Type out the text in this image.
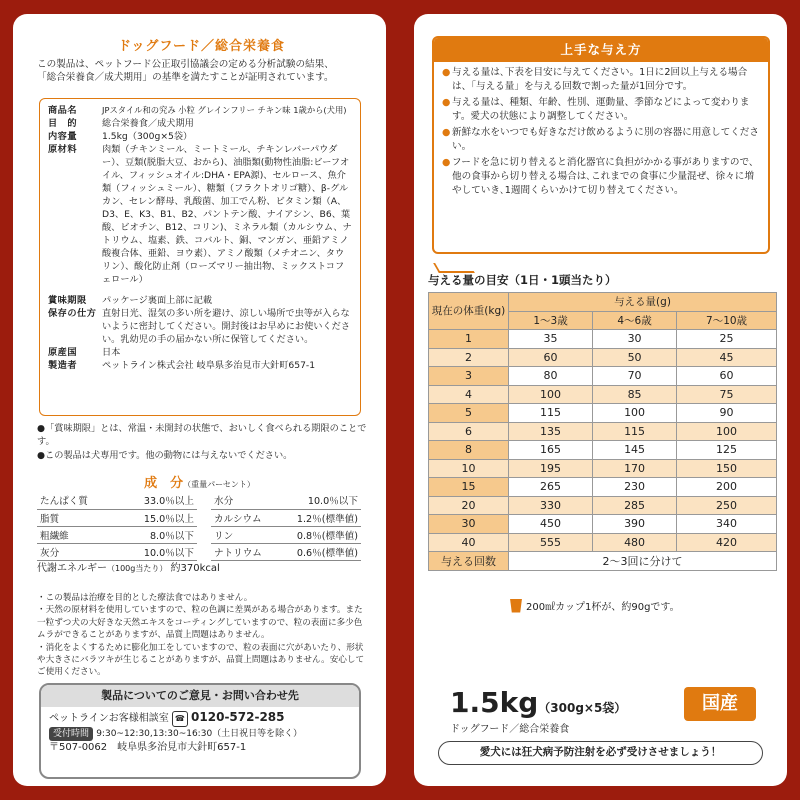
ドッグフード／総合栄養食
この製品は、ペットフード公正取引協議会の定める分析試験の結果、
「総合栄養食／成犬期用」の基準を満たすことが証明されています。
商品名	JPスタイル和の究み 小粒 グレインフリー チキン味 1歳から(犬用)
目　的	総合栄養食／成犬期用
内容量	1.5kg（300g×5袋）
原材料	肉類（チキンミール、ミートミール、チキンレバーパウダー）、豆類(脱脂大豆、おから)、油脂類(動物性油脂:ビーフオイル、フィッシュオイル:DHA・EPA源)、セルロース、魚介類（フィッシュミール）、糖類（フラクトオリゴ糖）、β-グルカン、セレン酵母、乳酸菌、加工でん粉、ビタミン類（A、D3、E、K3、B1、B2、パントテン酸、ナイアシン、B6、葉酸、ビオチン、B12、コリン)、ミネラル類（カルシウム、ナトリウム、塩素、鉄、コバルト、銅、マンガン、亜鉛アミノ酸複合体、亜鉛、ヨウ素）、アミノ酸類（メチオニン、タウリン）、酸化防止剤（ローズマリー抽出物、ミックストコフェロール）
賞味期限	パッケージ裏面上部に記載
保存の仕方 直射日光、湿気の多い所を避け、涼しい場所で虫等が入らないように密封してください。開封後はお早めにお使いください。乳幼児の手の届かない所に保管してください。
原産国	日本
製造者	ペットライン株式会社 岐阜県多治見市大針町657-1
●「賞味期限」とは、常温・未開封の状態で、おいしく食べられる期限のことです。
●この製品は犬専用です。他の動物には与えないでください。
成　分（重量パーセント）
たんぱく質	33.0％以上
脂質	15.0％以上
粗繊維	8.0％以下
灰分	10.0％以下
水分	10.0％以下
カルシウム	1.2％(標準値)
リン	0.8％(標準値)
ナトリウム	0.6％(標準値)
代謝エネルギー（100g当たり） 約370kcal
・この製品は治療を目的とした療法食ではありません。
・天然の原材料を使用していますので、粒の色調に差異がある場合があります。また一粒ずつ犬の大好きな天然エキスをコーティングしていますので、粒の表面に多少色ムラができることがありますが、品質上問題はありません。
・消化をよくするために膨化加工をしていますので、粒の表面に穴があいたり、形状や大きさにバラツキが生じることがありますが、品質上問題はありません。安心してご使用ください。
製品についてのご意見・お問い合わせ先
ペットラインお客様相談室 ☎ 0120-572-285
受付時間 9:30~12:30,13:30~16:30（土日祝日等を除く）
〒507-0062　岐阜県多治見市大針町657-1
上手な与え方
● 与える量は､下表を目安に与えてください。1日に2回以上与える場合は、「与える量」を与える回数で割った量が1回分です。
● 与える量は、種類、年齢、性別、運動量、季節などによって変わります。愛犬の状態により調整してください。
● 新鮮な水をいつでも好きなだけ飲めるように別の容器に用意してください。
● フードを急に切り替えると消化器官に負担がかかる事がありますので、他の食事から切り替える場合は､これまでの食事に少量混ぜ、徐々に増やしていき､1週間くらいかけて切り替えてください。
与える量の目安（1日・1頭当たり）
現在の体重(kg)	与える量(g)		
	1〜3歳	4〜6歳	7〜10歳
1	35	30	25
2	60	50	45
3	80	70	60
4	100	85	75
5	115	100	90
6	135	115	100
8	165	145	125
10	195	170	150
15	265	230	200
20	330	285	250
30	450	390	340
40	555	480	420
与える回数	2〜3回に分けて		
200㎖カップ1杯が、約90gです。
1.5kg（300g×5袋）
ドッグフード／総合栄養食
国産
愛犬には狂犬病予防注射を必ず受けさせましょう！
